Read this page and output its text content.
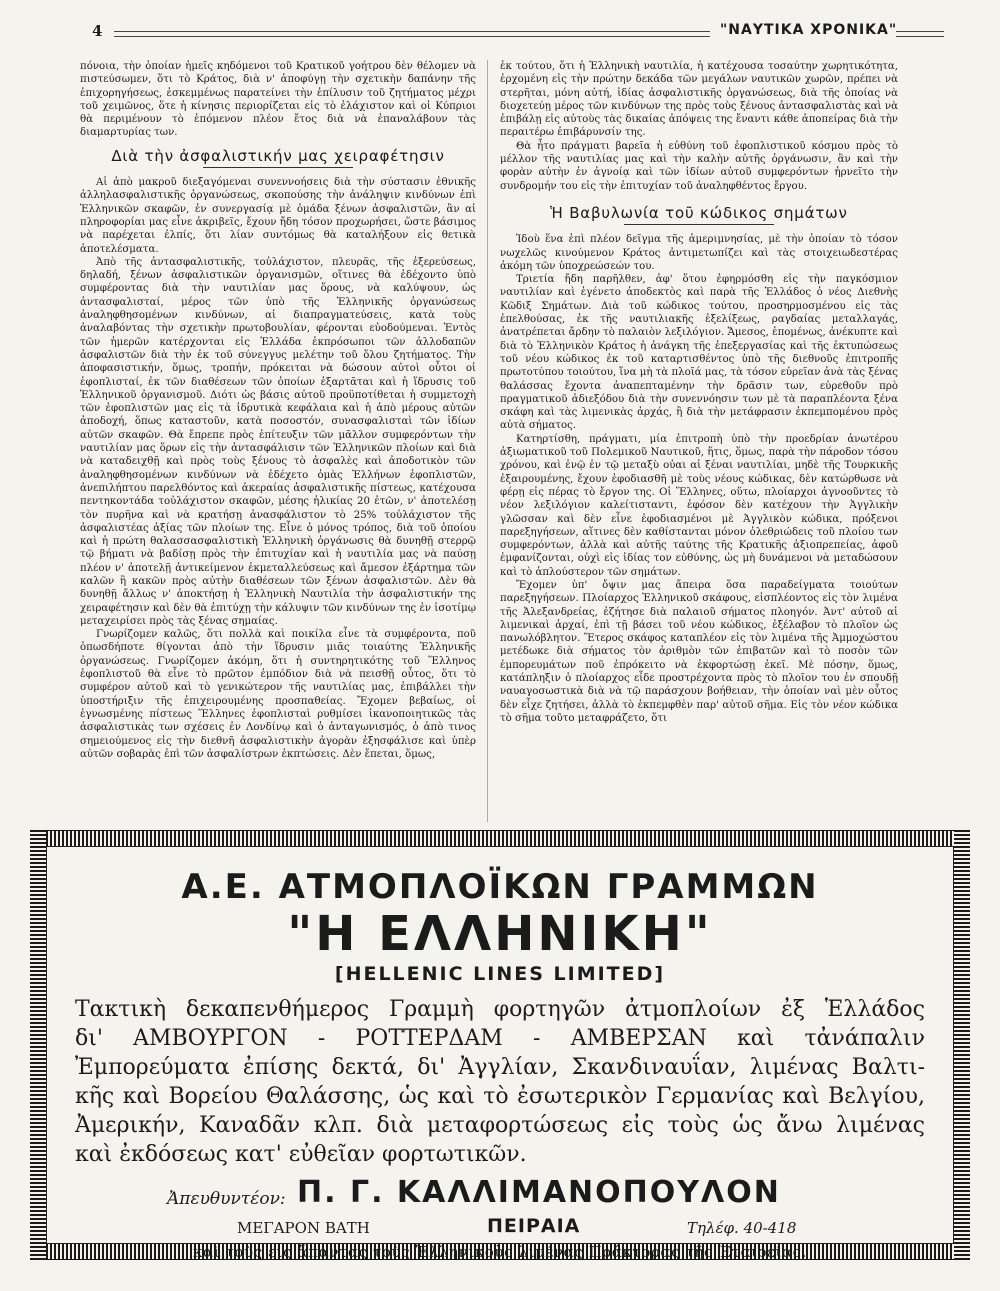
4	"ΝΑΥΤΙΚΑ ΧΡΟΝΙΚΑ"

πόνοια, τὴν ὁποίαν ἡμεῖς κηδόμενοι τοῦ Κρατικοῦ γοήτρου δὲν θέλομεν νὰ πιστεύσωμεν, ὅτι τὸ Κράτος, διὰ ν' ἀποφύγῃ τὴν σχετικὴν δαπάνην τῆς ἐπιχορηγήσεως, ἐσκεμμένως παρατείνει τὴν ἐπίλυσιν τοῦ ζητήματος μέχρι τοῦ χειμῶνος, ὅτε ἡ κίνησις περιορίζεται εἰς τὸ ἐλάχιστον καὶ οἱ Κύπριοι θὰ περιμένουν τὸ ἑπόμενον πλέον ἔτος διὰ νὰ ἐπαναλάβουν τὰς διαμαρτυρίας των.

Διὰ τὴν ἀσφαλιστικήν μας χειραφέτησιν

Αἱ ἀπὸ μακροῦ διεξαγόμεναι συνεννοήσεις διὰ τὴν σύστασιν ἐθνικῆς ἀλληλασφαλιστικῆς ὀργανώσεως, σκοπούσης τὴν ἀνάληψιν κινδύνων ἐπὶ Ἑλληνικῶν σκαφῶν, ἐν συνεργασίᾳ μὲ ὁμάδα ξένων ἀσφαλιστῶν, ἂν αἱ πληροφορίαι μας εἶνε ἀκριβεῖς, ἔχουν ἤδη τόσον προχωρήσει, ὥστε βάσιμος νὰ παρέχεται ἐλπίς, ὅτι λίαν συντόμως θὰ καταλήξουν εἰς θετικὰ ἀποτελέσματα.

Ἀπὸ τῆς ἀντασφαλιστικῆς, τοὐλάχιστον, πλευρᾶς, τῆς ἐξερεύσεως, δηλαδή, ξένων ἀσφαλιστικῶν ὀργανισμῶν, οἵτινες θὰ ἐδέχοντο ὑπὸ συμφέροντας διὰ τὴν ναυτιλίαν μας ὅρους, νὰ καλύψουν, ὡς ἀντασφαλισταί, μέρος τῶν ὑπὸ τῆς Ἑλληνικῆς ὀργανώσεως ἀναληφθησομένων κινδύνων, αἱ διαπραγματεύσεις, κατὰ τοὺς ἀναλαβόντας τὴν σχετικὴν πρωτοβουλίαν, φέρονται εὐοδούμεναι. Ἐντὸς τῶν ἡμερῶν κατέρχονται εἰς Ἑλλάδα ἐκπρόσωποι τῶν ἀλλοδαπῶν ἀσφαλιστῶν διὰ τὴν ἐκ τοῦ σύνεγγυς μελέτην τοῦ ὅλου ζητήματος. Τὴν ἀποφασιστικήν, ὅμως, τροπήν, πρόκειται νὰ δώσουν αὐτοὶ οὗτοι οἱ ἐφοπλισταί, ἐκ τῶν διαθέσεων τῶν ὁποίων ἐξαρτᾶται καὶ ἡ ἵδρυσις τοῦ Ἑλληνικοῦ ὀργανισμοῦ. Διότι ὡς βάσις αὐτοῦ προϋποτίθεται ἡ συμμετοχὴ τῶν ἐφοπλιστῶν μας εἰς τὰ ἱδρυτικὰ κεφάλαια καὶ ἡ ἀπὸ μέρους αὐτῶν ἀποδοχή, ὅπως καταστοῦν, κατὰ ποσοστόν, συνασφαλισταὶ τῶν ἰδίων αὐτῶν σκαφῶν. Θὰ ἔπρεπε πρὸς ἐπίτευξιν τῶν μᾶλλον συμφερόντων τὴν ναυτιλίαν μας ὅρων εἰς τὴν ἀντασφάλισιν τῶν Ἑλληνικῶν πλοίων καὶ διὰ νὰ καταδειχθῇ καὶ πρὸς τοὺς ξένους τὸ ἀσφαλὲς καὶ ἀποδοτικὸν τῶν ἀναληφθησομένων κινδύνων νὰ ἐδέχετο ὁμὰς Ἑλλήνων ἐφοπλιστῶν, ἀνεπιλήπτου παρελθόντος καὶ ἀκεραίας ἀσφαλιστικῆς πίστεως, κατέχουσα πεντηκοντάδα τοὐλάχιστον σκαφῶν, μέσης ἡλικίας 20 ἐτῶν, ν' ἀποτελέσῃ τὸν πυρῆνα καὶ νὰ κρατήσῃ ἀνασφάλιστον τὸ 25% τοὐλάχιστον τῆς ἀσφαλιστέας ἀξίας τῶν πλοίων της. Εἶνε ὁ μόνος τρόπος, διὰ τοῦ ὁποίου καὶ ἡ πρώτη θαλασσασφαλιστικὴ Ἑλληνικὴ ὀργάνωσις θὰ δυνηθῇ στερρῷ τῷ βήματι νὰ βαδίσῃ πρὸς τὴν ἐπιτυχίαν καὶ ἡ ναυτιλία μας νὰ παύσῃ πλέον ν' ἀποτελῇ ἀντικείμενον ἐκμεταλλεύσεως καὶ ἄμεσον ἐξάρτημα τῶν καλῶν ἢ κακῶν πρὸς αὐτὴν διαθέσεων τῶν ξένων ἀσφαλιστῶν. Δὲν θὰ δυνηθῇ ἄλλως ν' ἀποκτήσῃ ἡ Ἑλληνικὴ Ναυτιλία τὴν ἀσφαλιστικήν της χειραφέτησιν καὶ δὲν θὰ ἐπιτύχῃ τὴν κάλυψιν τῶν κινδύνων της ἐν ἰσοτίμῳ μεταχειρίσει πρὸς τὰς ξένας σημαίας.

Γνωρίζομεν καλῶς, ὅτι πολλὰ καὶ ποικίλα εἶνε τὰ συμφέροντα, ποῦ ὁπωσδήποτε θίγονται ἀπὸ τὴν ἵδρυσιν μιᾶς τοιαύτης Ἑλληνικῆς ὀργανώσεως. Γνωρίζομεν ἀκόμη, ὅτι ἡ συντηρητικότης τοῦ Ἕλληνος ἐφοπλιστοῦ θὰ εἶνε τὸ πρῶτον ἐμπόδιον διὰ νὰ πεισθῇ οὗτος, ὅτι τὸ συμφέρον αὐτοῦ καὶ τὸ γενικώτερον τῆς ναυτιλίας μας, ἐπιβάλλει τὴν ὑποστήριξιν τῆς ἐπιχειρουμένης προσπαθείας. Ἔχομεν βεβαίως, οἱ ἐγνωσμένης πίστεως Ἕλληνες ἐφοπλισταὶ ρυθμίσει ἱκανοποιητικῶς τὰς ἀσφαλιστικὰς των σχέσεις ἐν Λονδίνῳ καὶ ὁ ἀνταγωνισμός, ὁ ἀπὸ τινος σημειούμενος εἰς τὴν διεθνῆ ἀσφαλιστικὴν ἀγορὰν ἐξησφάλισε καὶ ὑπὲρ αὐτῶν σοβαρὰς ἐπὶ τῶν ἀσφαλίστρων ἐκπτώσεις. Δὲν ἔπεται, ὅμως,

ἐκ τούτου, ὅτι ἡ Ἑλληνικὴ ναυτιλία, ἡ κατέχουσα τοσαύτην χωρητικότητα, ἐρχομένη εἰς τὴν πρώτην δεκάδα τῶν μεγάλων ναυτικῶν χωρῶν, πρέπει νὰ στερῆται, μόνη αὐτή, ἰδίας ἀσφαλιστικῆς ὀργανώσεως, διὰ τῆς ὁποίας νὰ διοχετεύῃ μέρος τῶν κινδύνων της πρὸς τοὺς ξένους ἀντασφαλιστὰς καὶ νὰ ἐπιβάλῃ εἰς αὐτοὺς τὰς δικαίας ἀπόψεις της ἔναντι κάθε ἀποπείρας διὰ τὴν περαιτέρω ἐπιβάρυνσίν της.

Θὰ ἦτο πράγματι βαρεῖα ἡ εὐθύνη τοῦ ἐφοπλιστικοῦ κόσμου πρὸς τὸ μέλλον τῆς ναυτιλίας μας καὶ τὴν καλὴν αὐτῆς ὀργάνωσιν, ἂν καὶ τὴν φορὰν αὐτὴν ἐν ἀγνοίᾳ καὶ τῶν ἰδίων αὐτοῦ συμφερόντων ἠρνεῖτο τὴν συνδρομήν του εἰς τὴν ἐπιτυχίαν τοῦ ἀναληφθέντος ἔργου.

Ἡ Βαβυλωνία τοῦ κώδικος σημάτων

Ἰδοὺ ἕνα ἐπὶ πλέον δεῖγμα τῆς ἀμεριμνησίας, μὲ τὴν ὁποίαν τὸ τόσον νωχελῶς κινούμενον Κράτος ἀντιμετωπίζει καὶ τὰς στοιχειωδεστέρας ἀκόμη τῶν ὑποχρεώσεών του.

Τριετία ἤδη παρῆλθεν, ἀφ' ὅτου ἐφηρμόσθη εἰς τὴν παγκόσμιον ναυτιλίαν καὶ ἐγένετο ἀποδεκτὸς καὶ παρὰ τῆς Ἑλλάδος ὁ νέος Διεθνὴς Κῶδιξ Σημάτων. Διὰ τοῦ κώδικος τούτου, προσηρμοσμένου εἰς τὰς ἐπελθούσας, ἐκ τῆς ναυτιλιακῆς ἐξελίξεως, ραγδαίας μεταλλαγάς, ἀνατρέπεται ἄρδην τὸ παλαιὸν λεξιλόγιον. Ἄμεσος, ἑπομένως, ἀνέκυπτε καὶ διὰ τὸ Ἑλληνικὸν Κράτος ἡ ἀνάγκη τῆς ἐπεξεργασίας καὶ τῆς ἐκτυπώσεως τοῦ νέου κώδικος ἐκ τοῦ καταρτισθέντος ὑπὸ τῆς διεθνοῦς ἐπιτροπῆς πρωτοτύπου τοιούτου, ἵνα μὴ τὰ πλοῖά μας, τὰ τόσον εὐρεῖαν ἀνὰ τὰς ξένας θαλάσσας ἔχοντα ἀναπεπταμένην τὴν δρᾶσιν των, εὑρεθοῦν πρὸ πραγματικοῦ ἀδιεξόδου διὰ τὴν συνεννόησιν των μὲ τὰ παραπλέοντα ξένα σκάφη καὶ τὰς λιμενικὰς ἀρχάς, ἢ διὰ τὴν μετάφρασιν ἐκπεμπομένου πρὸς αὐτὰ σήματος.

Κατηρτίσθη, πράγματι, μία ἐπιτροπὴ ὑπὸ τὴν προεδρίαν ἀνωτέρου ἀξιωματικοῦ τοῦ Πολεμικοῦ Ναυτικοῦ, ἥτις, ὅμως, παρὰ τὴν πάροδον τόσου χρόνου, καὶ ἐνῷ ἐν τῷ μεταξὺ οὐαι αἱ ξέναι ναυτιλίαι, μηδὲ τῆς Τουρκικῆς ἐξαιρουμένης, ἔχουν ἐφοδιασθῆ μὲ τοὺς νέους κώδικας, δὲν κατώρθωσε νὰ φέρῃ εἰς πέρας τὸ ἔργον της. Οἱ Ἕλληνες, οὕτω, πλοίαρχοι ἀγνοοῦντες τὸ νέον λεξιλόγιον καλείτισταντι, ἐφόσον δὲν κατέχουν τὴν Ἀγγλικὴν γλῶσσαν καὶ δὲν εἶνε ἐφοδιασμένοι μὲ Ἀγγλικὸν κώδικα, πρόξενοι παρεξηγήσεων, αἵτινες δὲν καθίστανται μόνον ὀλεθριώδεις τοῦ πλοίου των συμφερόντων, ἀλλὰ καὶ αὐτῆς ταύτης τῆς Κρατικῆς ἀξιοπρεπείας, ἀφοῦ ἐμφανίζονται, οὐχὶ εἰς ἰδίας τον εὐθύνης, ὡς μὴ δυνάμενοι νὰ μεταδώσουν καὶ τὸ ἁπλούστερον τῶν σημάτων.

Ἔχομεν ὑπ' ὄψιν μας ἄπειρα ὅσα παραδείγματα τοιούτων παρεξηγήσεων. Πλοίαρχος Ἑλληνικοῦ σκάφους, εἰσπλέοντος εἰς τὸν λιμένα τῆς Ἀλεξανδρείας, ἐζήτησε διὰ παλαιοῦ σήματος πλοηγόν. Ἀντ' αὐτοῦ αἱ λιμενικαὶ ἀρχαί, ἐπὶ τῇ βάσει τοῦ νέου κώδικος, ἐξέλαβον τὸ πλοῖον ὡς πανωλόβλητον. Ἕτερος σκάφος καταπλέον εἰς τὸν λιμένα τῆς Ἀμμοχώστου μετέδωκε διὰ σήματος τὸν ἀριθμὸν τῶν ἐπιβατῶν καὶ τὸ ποσὸν τῶν ἐμπορευμάτων ποῦ ἐπρόκειτο νὰ ἐκφορτώσῃ ἐκεῖ. Μὲ πόσην, ὅμως, κατάπληξιν ὁ πλοίαρχος εἶδε προστρέχοντα πρὸς τὸ πλοῖον του ἐν σπουδῇ ναυαγοσωστικὰ διὰ νὰ τῷ παράσχουν βοήθειαν, τὴν ὁποίαν ναὶ μὲν οὗτος δὲν εἶχε ζητήσει, ἀλλὰ τὸ ἐκπεμφθὲν παρ' αὐτοῦ σῆμα. Εἰς τὸν νέον κώδικα τὸ σῆμα τοῦτο μεταφράζετο, ὅτι

Α.Ε. ΑΤΜΟΠΛΟΪΚΩΝ ΓΡΑΜΜΩΝ
"Η ΕΛΛΗΝΙΚΗ"
[HELLENIC LINES LIMITED]
Τακτικὴ δεκαπενθήμερος Γραμμὴ φορτηγῶν ἀτμοπλοίων ἐξ Ἑλλάδος
δι' ΑΜΒΟΥΡΓΟΝ - ΡΟΤΤΕΡΔΑΜ - ΑΜΒΕΡΣΑΝ καὶ τἀνάπαλιν
Ἐμπορεύματα ἐπίσης δεκτά, δι' Ἀγγλίαν, Σκανδιναυΐαν, λιμένας Βαλτι-
κῆς καὶ Βορείου Θαλάσσης, ὡς καὶ τὸ ἐσωτερικὸν Γερμανίας καὶ Βελγίου,
Ἀμερικήν, Καναδᾶν κλπ. διὰ μεταφορτώσεως εἰς τοὺς ὡς ἄνω λιμένας
καὶ ἐκδόσεως κατ' εὐθεῖαν φορτωτικῶν.
Ἀπευθυντέον: Π. Γ. ΚΑΛΛΙΜΑΝΟΠΟΥΛΟΝ
ΜΕΓΑΡΟΝ ΒΑΤΗ	ΠΕΙΡΑΙΑ	Τηλέφ. 40-418
καὶ τοὺς εἰς ἅπαντας τοὺς Ἑλληνικοὺς λιμένας Πράκτορας τῆς Ἑταιρείας.
